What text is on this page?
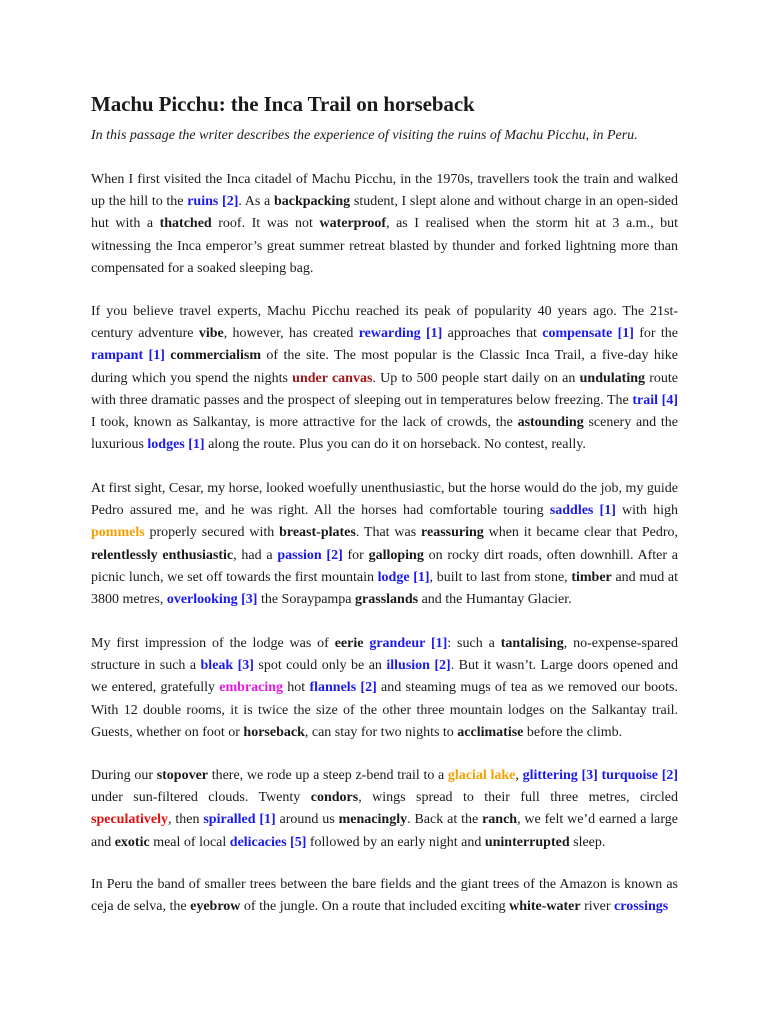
Machu Picchu: the Inca Trail on horseback

In this passage the writer describes the experience of visiting the ruins of Machu Picchu, in Peru.

When I first visited the Inca citadel of Machu Picchu, in the 1970s, travellers took the train and walked up the hill to the ruins [2]. As a backpacking student, I slept alone and without charge in an open-sided hut with a thatched roof. It was not waterproof, as I realised when the storm hit at 3 a.m., but witnessing the Inca emperor’s great summer retreat blasted by thunder and forked lightning more than compensated for a soaked sleeping bag.

If you believe travel experts, Machu Picchu reached its peak of popularity 40 years ago. The 21st-century adventure vibe, however, has created rewarding [1] approaches that compensate [1] for the rampant [1] commercialism of the site. The most popular is the Classic Inca Trail, a five-day hike during which you spend the nights under canvas. Up to 500 people start daily on an undulating route with three dramatic passes and the prospect of sleeping out in temperatures below freezing. The trail [4] I took, known as Salkantay, is more attractive for the lack of crowds, the astounding scenery and the luxurious lodges [1] along the route. Plus you can do it on horseback. No contest, really.

At first sight, Cesar, my horse, looked woefully unenthusiastic, but the horse would do the job, my guide Pedro assured me, and he was right. All the horses had comfortable touring saddles [1] with high pommels properly secured with breast-plates. That was reassuring when it became clear that Pedro, relentlessly enthusiastic, had a passion [2] for galloping on rocky dirt roads, often downhill. After a picnic lunch, we set off towards the first mountain lodge [1], built to last from stone, timber and mud at 3800 metres, overlooking [3] the Soraypampa grasslands and the Humantay Glacier.

My first impression of the lodge was of eerie grandeur [1]: such a tantalising, no-expense-spared structure in such a bleak [3] spot could only be an illusion [2]. But it wasn’t. Large doors opened and we entered, gratefully embracing hot flannels [2] and steaming mugs of tea as we removed our boots. With 12 double rooms, it is twice the size of the other three mountain lodges on the Salkantay trail. Guests, whether on foot or horseback, can stay for two nights to acclimatise before the climb.

During our stopover there, we rode up a steep z-bend trail to a glacial lake, glittering [3] turquoise [2] under sun-filtered clouds. Twenty condors, wings spread to their full three metres, circled speculatively, then spiralled [1] around us menacingly. Back at the ranch, we felt we’d earned a large and exotic meal of local delicacies [5] followed by an early night and uninterrupted sleep.

In Peru the band of smaller trees between the bare fields and the giant trees of the Amazon is known as ceja de selva, the eyebrow of the jungle. On a route that included exciting white-water river crossings
